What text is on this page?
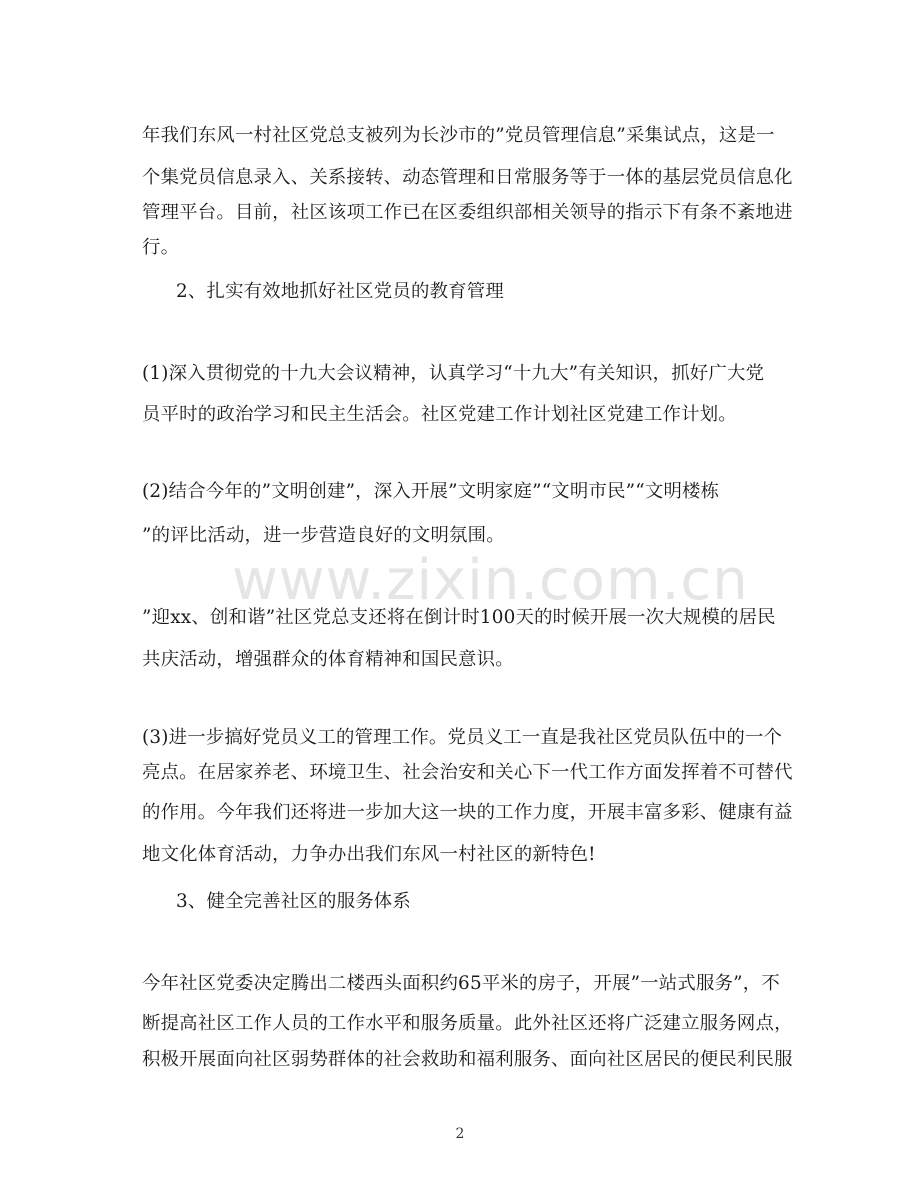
年我们东风一村社区党总支被列为长沙市的”党员管理信息”采集试点，这是一
个集党员信息录入、关系接转、动态管理和日常服务等于一体的基层党员信息化
管理平台。目前，社区该项工作已在区委组织部相关领导的指示下有条不紊地进
行。
2、扎实有效地抓好社区党员的教育管理
(1)深入贯彻党的十九大会议精神，认真学习“十九大”有关知识，抓好广大党
员平时的政治学习和民主生活会。社区党建工作计划社区党建工作计划。
(2)结合今年的”文明创建”，深入开展”文明家庭”“文明市民”“文明楼栋
”的评比活动，进一步营造良好的文明氛围。
www.zixin.com.cn
”迎xx、创和谐”社区党总支还将在倒计时100天的时候开展一次大规模的居民
共庆活动，增强群众的体育精神和国民意识。
(3)进一步搞好党员义工的管理工作。党员义工一直是我社区党员队伍中的一个
亮点。在居家养老、环境卫生、社会治安和关心下一代工作方面发挥着不可替代
的作用。今年我们还将进一步加大这一块的工作力度，开展丰富多彩、健康有益
地文化体育活动，力争办出我们东风一村社区的新特色!
3、健全完善社区的服务体系
今年社区党委决定腾出二楼西头面积约65平米的房子，开展”一站式服务”，不
断提高社区工作人员的工作水平和服务质量。此外社区还将广泛建立服务网点，
积极开展面向社区弱势群体的社会救助和福利服务、面向社区居民的便民利民服
2
